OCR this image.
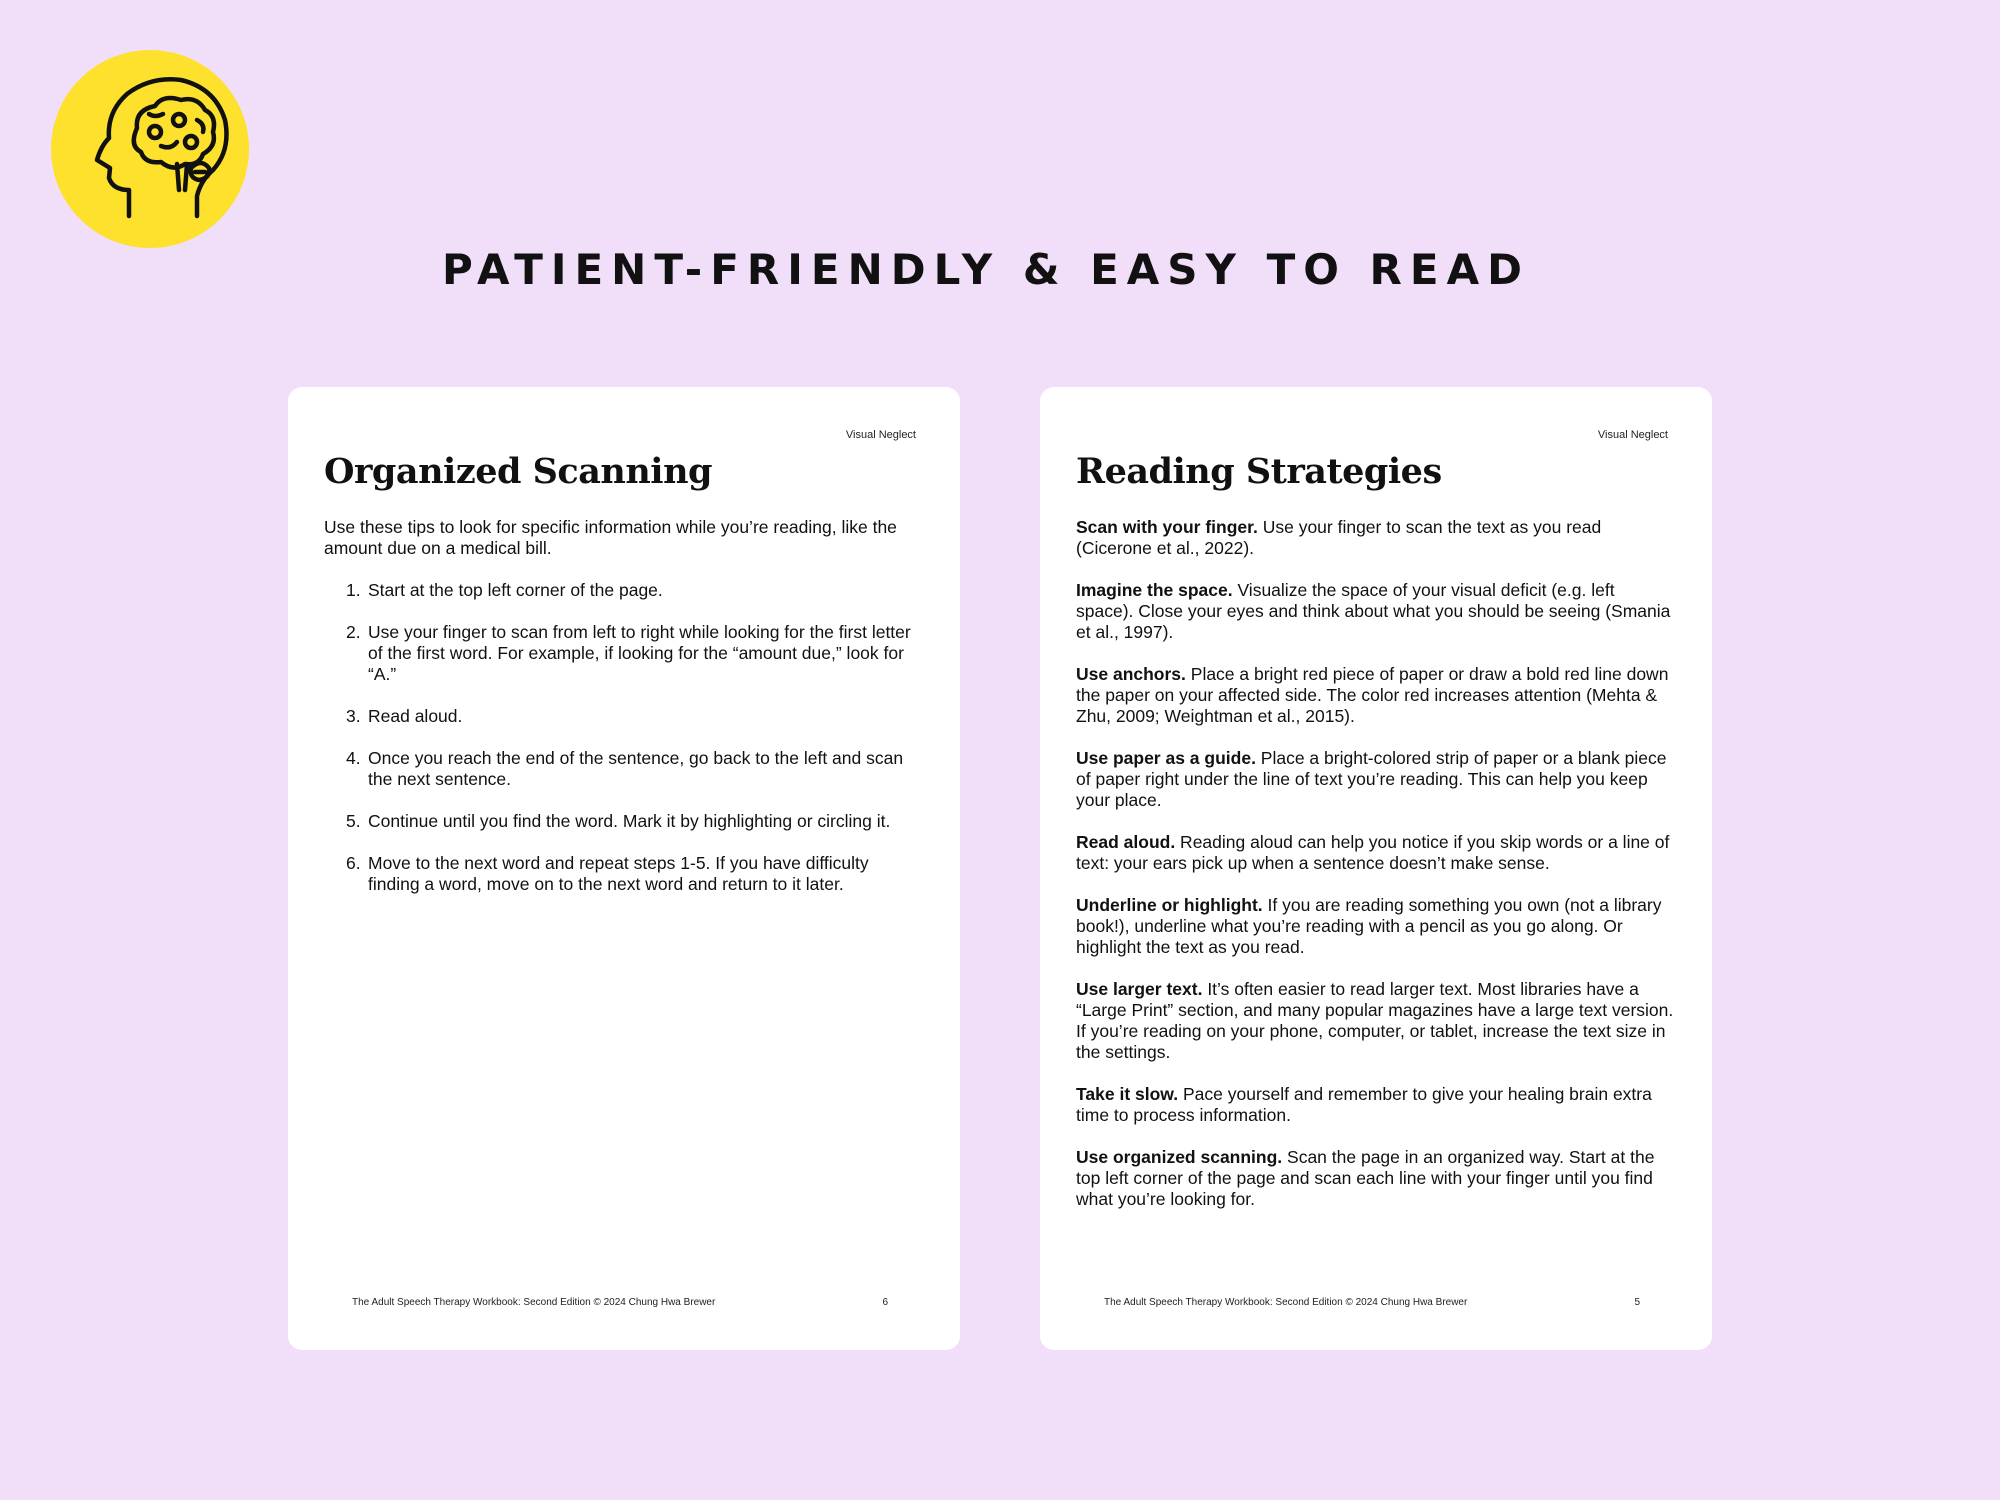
PATIENT-FRIENDLY & EASY TO READ
Visual Neglect
Organized Scanning

Use these tips to look for specific information while you’re reading, like the amount due on a medical bill.

1. Start at the top left corner of the page.
2. Use your finger to scan from left to right while looking for the first letter of the first word. For example, if looking for the “amount due,” look for “A.”
3. Read aloud.
4. Once you reach the end of the sentence, go back to the left and scan the next sentence.
5. Continue until you find the word. Mark it by highlighting or circling it.
6. Move to the next word and repeat steps 1-5. If you have difficulty finding a word, move on to the next word and return to it later.
The Adult Speech Therapy Workbook: Second Edition © 2024 Chung Hwa Brewer	6
Visual Neglect
Reading Strategies

Scan with your finger. Use your finger to scan the text as you read (Cicerone et al., 2022).

Imagine the space. Visualize the space of your visual deficit (e.g. left space). Close your eyes and think about what you should be seeing (Smania et al., 1997).

Use anchors. Place a bright red piece of paper or draw a bold red line down the paper on your affected side. The color red increases attention (Mehta & Zhu, 2009; Weightman et al., 2015).

Use paper as a guide. Place a bright-colored strip of paper or a blank piece of paper right under the line of text you’re reading. This can help you keep your place.

Read aloud. Reading aloud can help you notice if you skip words or a line of text: your ears pick up when a sentence doesn’t make sense.

Underline or highlight. If you are reading something you own (not a library book!), underline what you’re reading with a pencil as you go along. Or highlight the text as you read.

Use larger text. It’s often easier to read larger text. Most libraries have a “Large Print” section, and many popular magazines have a large text version. If you’re reading on your phone, computer, or tablet, increase the text size in the settings.

Take it slow. Pace yourself and remember to give your healing brain extra time to process information.

Use organized scanning. Scan the page in an organized way. Start at the top left corner of the page and scan each line with your finger until you find what you’re looking for.

The Adult Speech Therapy Workbook: Second Edition © 2024 Chung Hwa Brewer	5
